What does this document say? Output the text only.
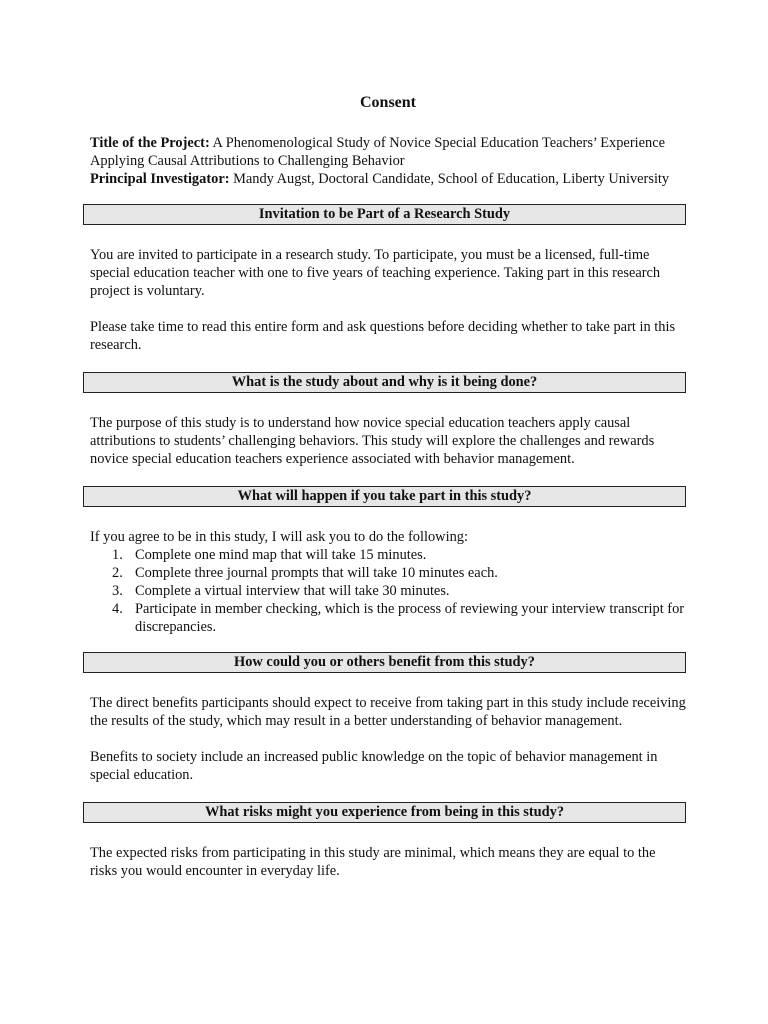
Consent

Title of the Project: A Phenomenological Study of Novice Special Education Teachers’ Experience Applying Causal Attributions to Challenging Behavior

Principal Investigator: Mandy Augst, Doctoral Candidate, School of Education, Liberty University

Invitation to be Part of a Research Study

You are invited to participate in a research study. To participate, you must be a licensed, full-time special education teacher with one to five years of teaching experience. Taking part in this research project is voluntary.

Please take time to read this entire form and ask questions before deciding whether to take part in this research.

What is the study about and why is it being done?

The purpose of this study is to understand how novice special education teachers apply causal attributions to students’ challenging behaviors. This study will explore the challenges and rewards novice special education teachers experience associated with behavior management.

What will happen if you take part in this study?

If you agree to be in this study, I will ask you to do the following:

1. Complete one mind map that will take 15 minutes.
2. Complete three journal prompts that will take 10 minutes each.
3. Complete a virtual interview that will take 30 minutes.
4. Participate in member checking, which is the process of reviewing your interview transcript for discrepancies.
How could you or others benefit from this study?

The direct benefits participants should expect to receive from taking part in this study include receiving the results of the study, which may result in a better understanding of behavior management.

Benefits to society include an increased public knowledge on the topic of behavior management in special education.

What risks might you experience from being in this study?

The expected risks from participating in this study are minimal, which means they are equal to the risks you would encounter in everyday life.
